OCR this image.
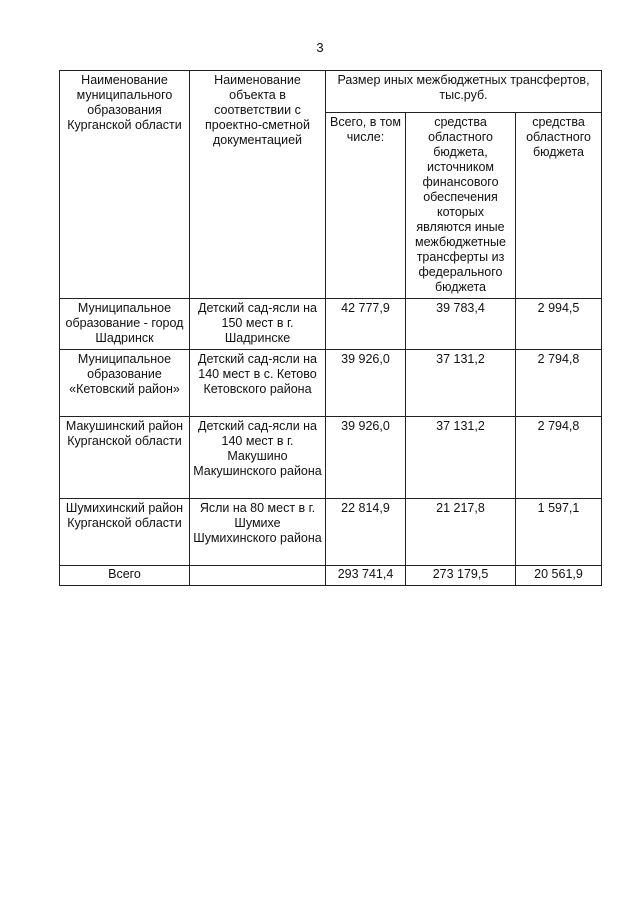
3
Наименование муниципального образования Курганской области	Наименование объекта в соответствии с проектно-сметной документацией	Размер иных межбюджетных трансфертов, тыс.руб.		
		Всего, в том числе:	средства областного бюджета, источником финансового обеспечения которых являются иные межбюджетные трансферты из федерального бюджета	средства областного бюджета
Муниципальное образование - город Шадринск	Детский сад-ясли на 150 мест в г. Шадринске	42 777,9	39 783,4	2 994,5
Муниципальное образование «Кетовский район»	Детский сад-ясли на 140 мест в с. Кетово Кетовского района	39 926,0	37 131,2	2 794,8
Макушинский район Курганской области	Детский сад-ясли на 140 мест в г. Макушино Макушинского района	39 926,0	37 131,2	2 794,8
Шумихинский район Курганской области	Ясли на 80 мест в г. Шумихе Шумихинского района	22 814,9	21 217,8	1 597,1
Всего		293 741,4	273 179,5	20 561,9
